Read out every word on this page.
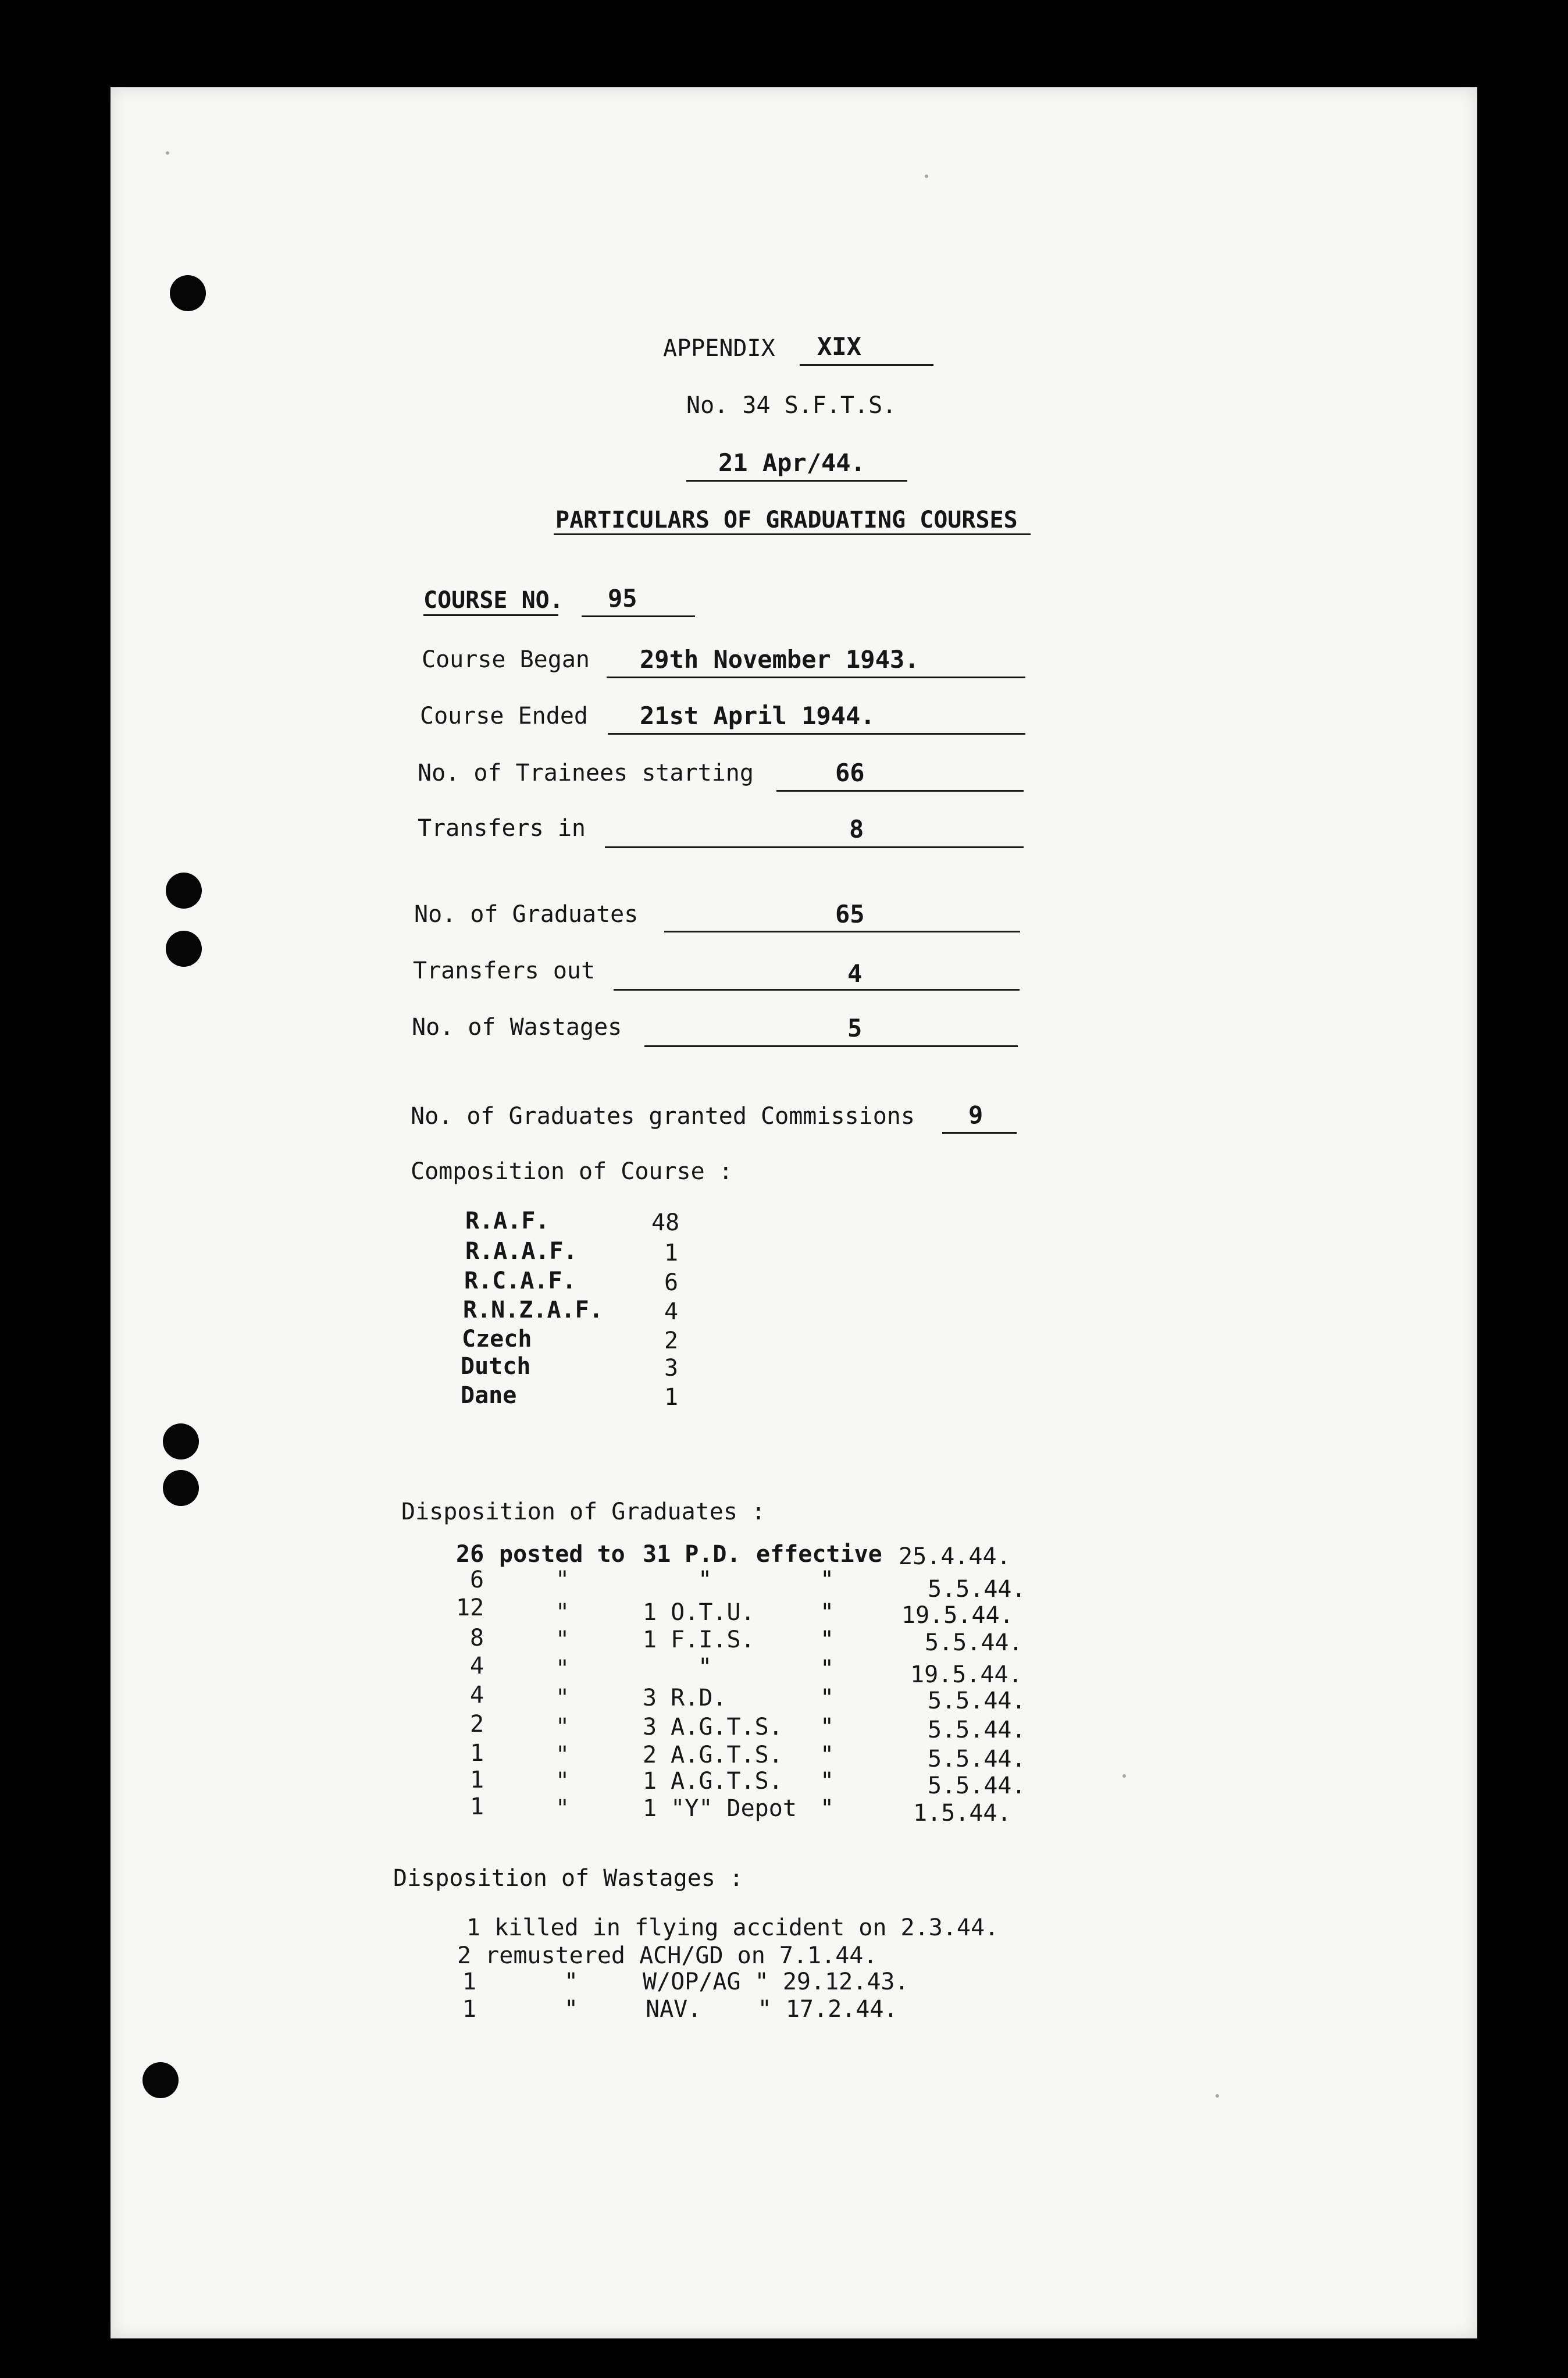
APPENDIX XIX
No. 34 S.F.T.S.
21 Apr/44.
PARTICULARS OF GRADUATING COURSES
COURSE NO. 95
Course Began 29th November 1943.
Course Ended 21st April 1944.
No. of Trainees starting	66
Transfers in	8
No. of Graduates	65
Transfers out	4
No. of Wastages	5
No. of Graduates granted Commissions 9
Composition of Course :
R.A.F.	48
R.A.A.F.	1
R.C.A.F.	6
R.N.Z.A.F.	4
Czech	2
Dutch	3
Dane	1
Disposition of Graduates :
26 posted to 31 P.D. effective 25.4.44.
6	"	"	"	5.5.44.
12	"	1 O.T.U.	"	19.5.44.
8	"	1 F.I.S.	"	5.5.44.
4	"	"	"	19.5.44.
4	"	3 R.D.	"	5.5.44.
2	"	3 A.G.T.S. "	5.5.44.
1	"	2 A.G.T.S. "	5.5.44.
1	"	1 A.G.T.S. "	5.5.44.
1	"	1 "Y" Depot "	1.5.44.
Disposition of Wastages :
1 killed in flying accident on 2.3.44.
2 remustered ACH/GD on 7.1.44.
1	"	W/OP/AG " 29.12.43.
1	"	NAV.    " 17.2.44.
